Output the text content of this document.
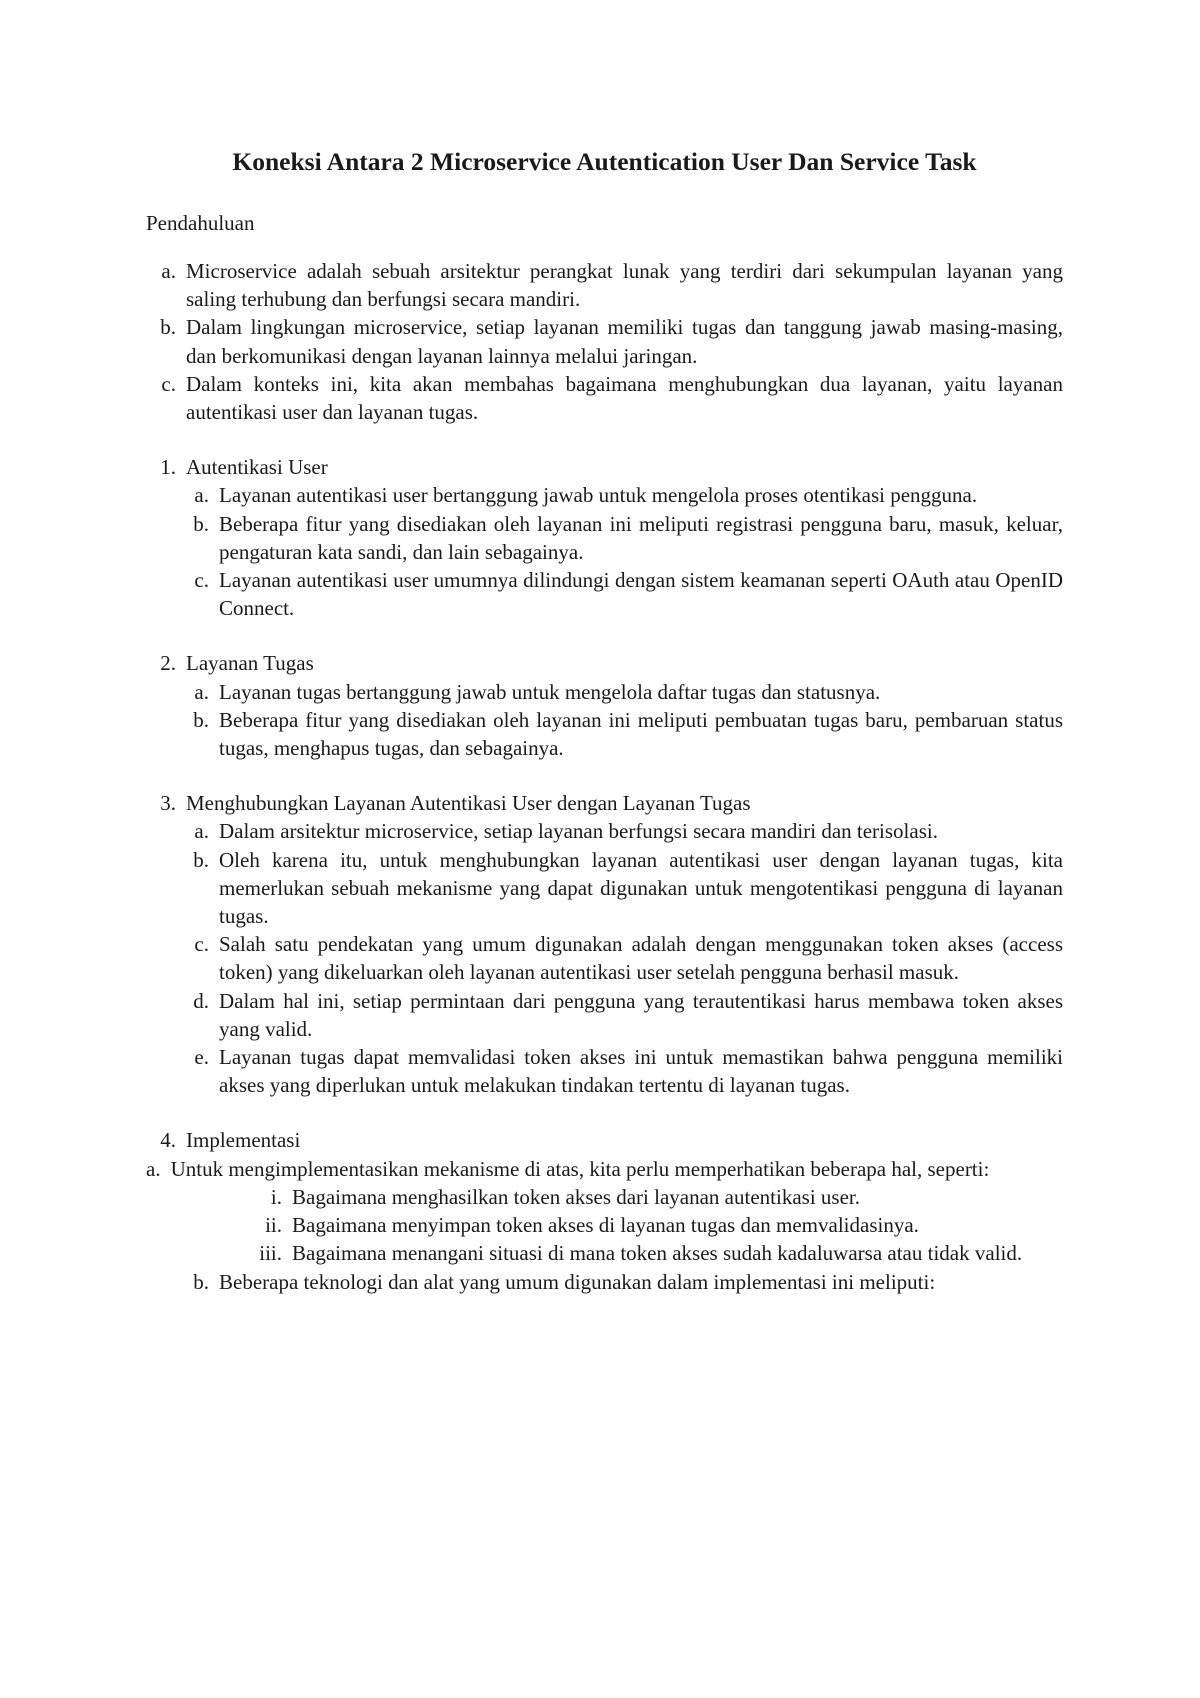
Koneksi Antara 2 Microservice Autentication User Dan Service Task
Pendahuluan
a. Microservice adalah sebuah arsitektur perangkat lunak yang terdiri dari sekumpulan layanan yang saling terhubung dan berfungsi secara mandiri.
b. Dalam lingkungan microservice, setiap layanan memiliki tugas dan tanggung jawab masing-masing, dan berkomunikasi dengan layanan lainnya melalui jaringan.
c. Dalam konteks ini, kita akan membahas bagaimana menghubungkan dua layanan, yaitu layanan autentikasi user dan layanan tugas.
1. Autentikasi User
a. Layanan autentikasi user bertanggung jawab untuk mengelola proses otentikasi pengguna.
b. Beberapa fitur yang disediakan oleh layanan ini meliputi registrasi pengguna baru, masuk, keluar, pengaturan kata sandi, dan lain sebagainya.
c. Layanan autentikasi user umumnya dilindungi dengan sistem keamanan seperti OAuth atau OpenID Connect.
2. Layanan Tugas
a. Layanan tugas bertanggung jawab untuk mengelola daftar tugas dan statusnya.
b. Beberapa fitur yang disediakan oleh layanan ini meliputi pembuatan tugas baru, pembaruan status tugas, menghapus tugas, dan sebagainya.
3. Menghubungkan Layanan Autentikasi User dengan Layanan Tugas
a. Dalam arsitektur microservice, setiap layanan berfungsi secara mandiri dan terisolasi.
b. Oleh karena itu, untuk menghubungkan layanan autentikasi user dengan layanan tugas, kita memerlukan sebuah mekanisme yang dapat digunakan untuk mengotentikasi pengguna di layanan tugas.
c. Salah satu pendekatan yang umum digunakan adalah dengan menggunakan token akses (access token) yang dikeluarkan oleh layanan autentikasi user setelah pengguna berhasil masuk.
d. Dalam hal ini, setiap permintaan dari pengguna yang terautentikasi harus membawa token akses yang valid.
e. Layanan tugas dapat memvalidasi token akses ini untuk memastikan bahwa pengguna memiliki akses yang diperlukan untuk melakukan tindakan tertentu di layanan tugas.
4. Implementasi
a. Untuk mengimplementasikan mekanisme di atas, kita perlu memperhatikan beberapa hal, seperti:
i. Bagaimana menghasilkan token akses dari layanan autentikasi user.
ii. Bagaimana menyimpan token akses di layanan tugas dan memvalidasinya.
iii. Bagaimana menangani situasi di mana token akses sudah kadaluwarsa atau tidak valid.
b. Beberapa teknologi dan alat yang umum digunakan dalam implementasi ini meliputi:
